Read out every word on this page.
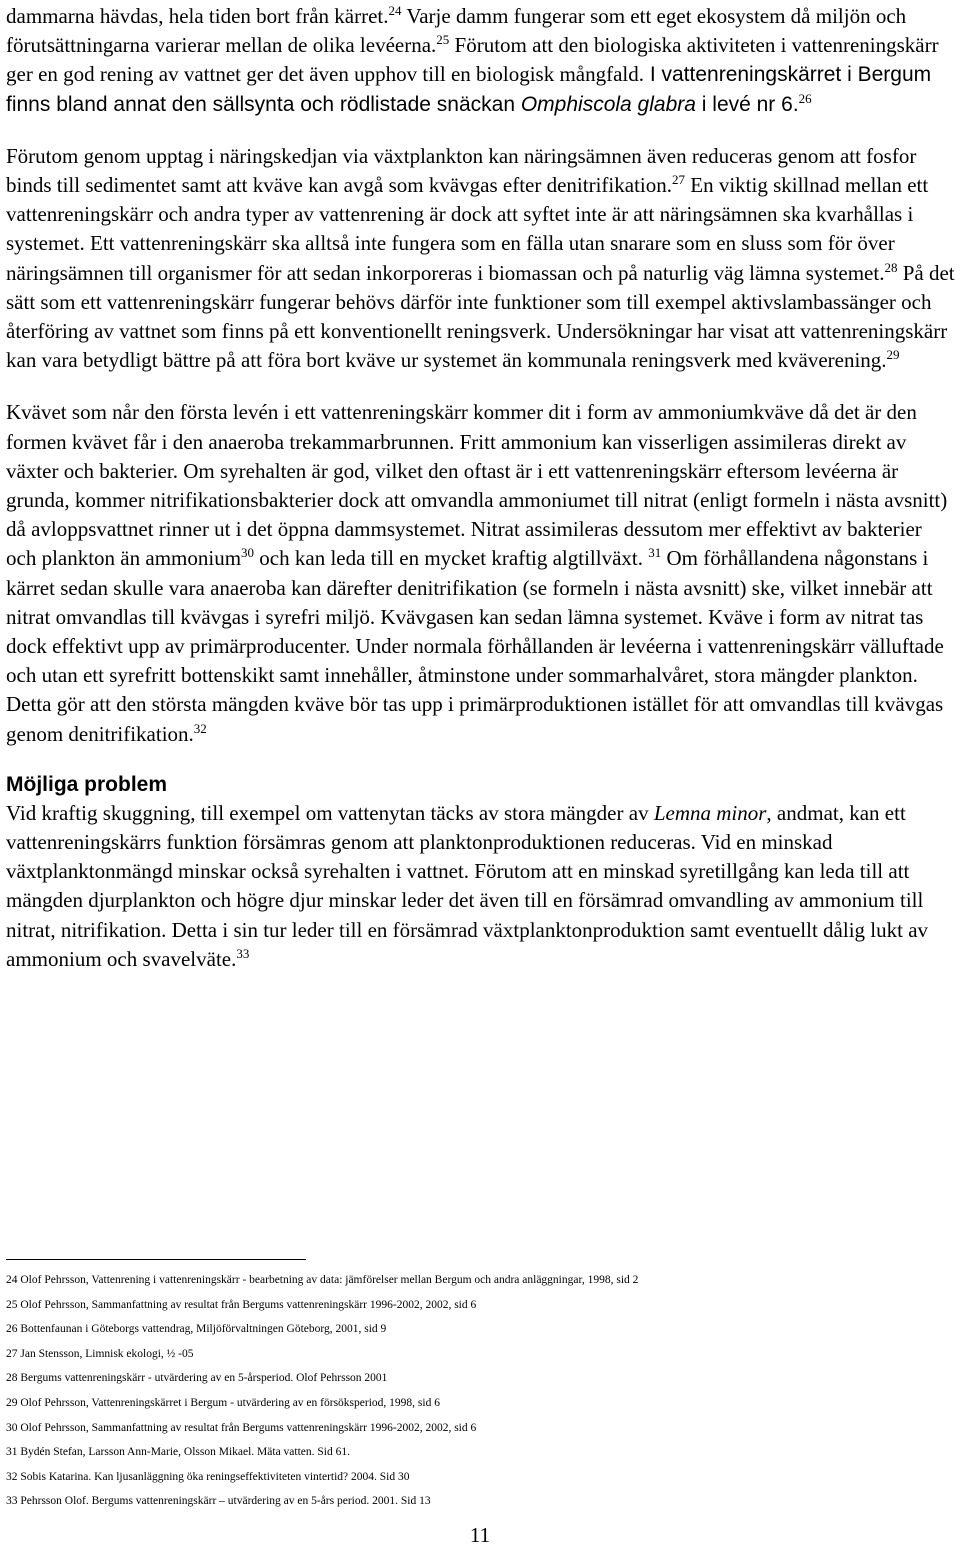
dammarna hävdas, hela tiden bort från kärret.$^{24}$ Varje damm fungerar som ett eget ekosystem då miljön och förutsättningarna varierar mellan de olika levéerna.$^{25}$ Förutom att den biologiska aktiviteten i vattenreningskärr ger en god rening av vattnet ger det även upphov till en biologisk mångfald. I vattenreningskärret i Bergum finns bland annat den sällsynta och rödlistade snäckan Omphiscola glabra i levé nr 6.26

Förutom genom upptag i näringskedjan via växtplankton kan näringsämnen även reduceras genom att fosfor binds till sedimentet samt att kväve kan avgå som kvävgas efter denitrifikation.$^{27}$ En viktig skillnad mellan ett vattenreningskärr och andra typer av vattenrening är dock att syftet inte är att näringsämnen ska kvarhållas i systemet. Ett vattenreningskärr ska alltså inte fungera som en fälla utan snarare som en sluss som för över näringsämnen till organismer för att sedan inkorporeras i biomassan och på naturlig väg lämna systemet.$^{28}$ På det sätt som ett vattenreningskärr fungerar behövs därför inte funktioner som till exempel aktivslambassänger och återföring av vattnet som finns på ett konventionellt reningsverk. Undersökningar har visat att vattenreningskärr kan vara betydligt bättre på att föra bort kväve ur systemet än kommunala reningsverk med kväverening.$^{29}$

Kvävet som når den första levén i ett vattenreningskärr kommer dit i form av ammoniumkväve då det är den formen kvävet får i den anaeroba trekammarbrunnen. Fritt ammonium kan visserligen assimileras direkt av växter och bakterier. Om syrehalten är god, vilket den oftast är i ett vattenreningskärr eftersom levéerna är grunda, kommer nitrifikationsbakterier dock att omvandla ammoniumet till nitrat (enligt formeln i nästa avsnitt) då avloppsvattnet rinner ut i det öppna dammsystemet. Nitrat assimileras dessutom mer effektivt av bakterier och plankton än ammonium$^{30}$ och kan leda till en mycket kraftig algtillväxt. $^{31}$ Om förhållandena någonstans i kärret sedan skulle vara anaeroba kan därefter denitrifikation (se formeln i nästa avsnitt) ske, vilket innebär att nitrat omvandlas till kvävgas i syrefri miljö. Kvävgasen kan sedan lämna systemet. Kväve i form av nitrat tas dock effektivt upp av primärproducenter. Under normala förhållanden är levéerna i vattenreningskärr välluftade och utan ett syrefritt bottenskikt samt innehåller, åtminstone under sommarhalvåret, stora mängder plankton. Detta gör att den största mängden kväve bör tas upp i primärproduktionen istället för att omvandlas till kvävgas genom denitrifikation.$^{32}$

Möjliga problem

Vid kraftig skuggning, till exempel om vattenytan täcks av stora mängder av Lemna minor, andmat, kan ett vattenreningskärrs funktion försämras genom att planktonproduktionen reduceras. Vid en minskad växtplanktonmängd minskar också syrehalten i vattnet. Förutom att en minskad syretillgång kan leda till att mängden djurplankton och högre djur minskar leder det även till en försämrad omvandling av ammonium till nitrat, nitrifikation. Detta i sin tur leder till en försämrad växtplanktonproduktion samt eventuellt dålig lukt av ammonium och svavelväte.$^{33}$

24 Olof Pehrsson, Vattenrening i vattenreningskärr - bearbetning av data: jämförelser mellan Bergum och andra anläggningar, 1998, sid 2
25 Olof Pehrsson, Sammanfattning av resultat från Bergums vattenreningskärr 1996-2002, 2002, sid 6
26 Bottenfaunan i Göteborgs vattendrag, Miljöförvaltningen Göteborg, 2001, sid 9
27 Jan Stensson, Limnisk ekologi, ½ -05
28 Bergums vattenreningskärr - utvärdering av en 5-årsperiod. Olof Pehrsson 2001
29 Olof Pehrsson, Vattenreningskärret i Bergum - utvärdering av en försöksperiod, 1998, sid 6
30 Olof Pehrsson, Sammanfattning av resultat från Bergums vattenreningskärr 1996-2002, 2002, sid 6
31 Bydén Stefan, Larsson Ann-Marie, Olsson Mikael. Mäta vatten. Sid 61.
32 Sobis Katarina. Kan ljusanläggning öka reningseffektiviteten vintertid? 2004. Sid 30
33 Pehrsson Olof. Bergums vattenreningskärr – utvärdering av en 5-års period. 2001. Sid 13
11
